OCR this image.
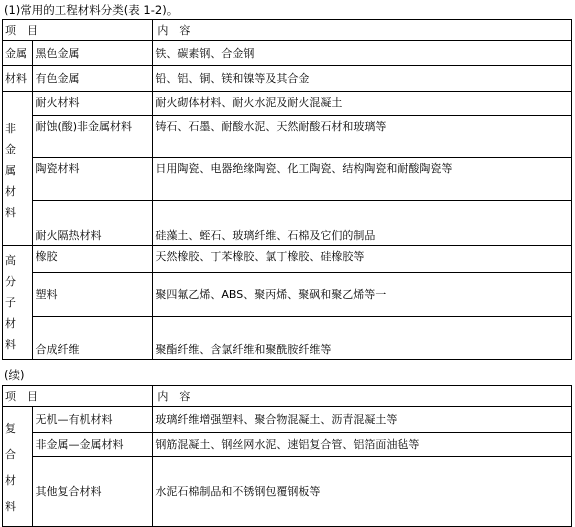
(1)常用的工程材料分类(表 1-2)。
项　目		内　容
金属	黑色金属	铁、碳素钢、合金钢
材料	有色金属	铅、铝、铜、镁和镍等及其合金

非
金
属
材
料	耐火材料	耐火砌体材料、耐火水泥及耐火混凝土
	耐蚀(酸)非金属材料	铸石、石墨、耐酸水泥、天然耐酸石材和玻璃等
	陶瓷材料	日用陶瓷、电器绝缘陶瓷、化工陶瓷、结构陶瓷和耐酸陶瓷等
	耐火隔热材料	硅藻土、蛭石、玻璃纤维、石棉及它们的制品

高
分
子
材
料	橡胶	天然橡胶、丁苯橡胶、氯丁橡胶、硅橡胶等
	塑料	聚四氟乙烯、ABS、聚丙烯、聚砜和聚乙烯等一
	合成纤维	聚酯纤维、含氯纤维和聚酰胺纤维等
(续)
项　目		内　容

复
合
材
料	无机—有机材料	玻璃纤维增强塑料、聚合物混凝土、沥青混凝土等
	非金属—金属材料	钢筋混凝土、钢丝网水泥、速铝复合管、铝箔面油毡等
	其他复合材料	水泥石棉制品和不锈钢包覆钢板等
